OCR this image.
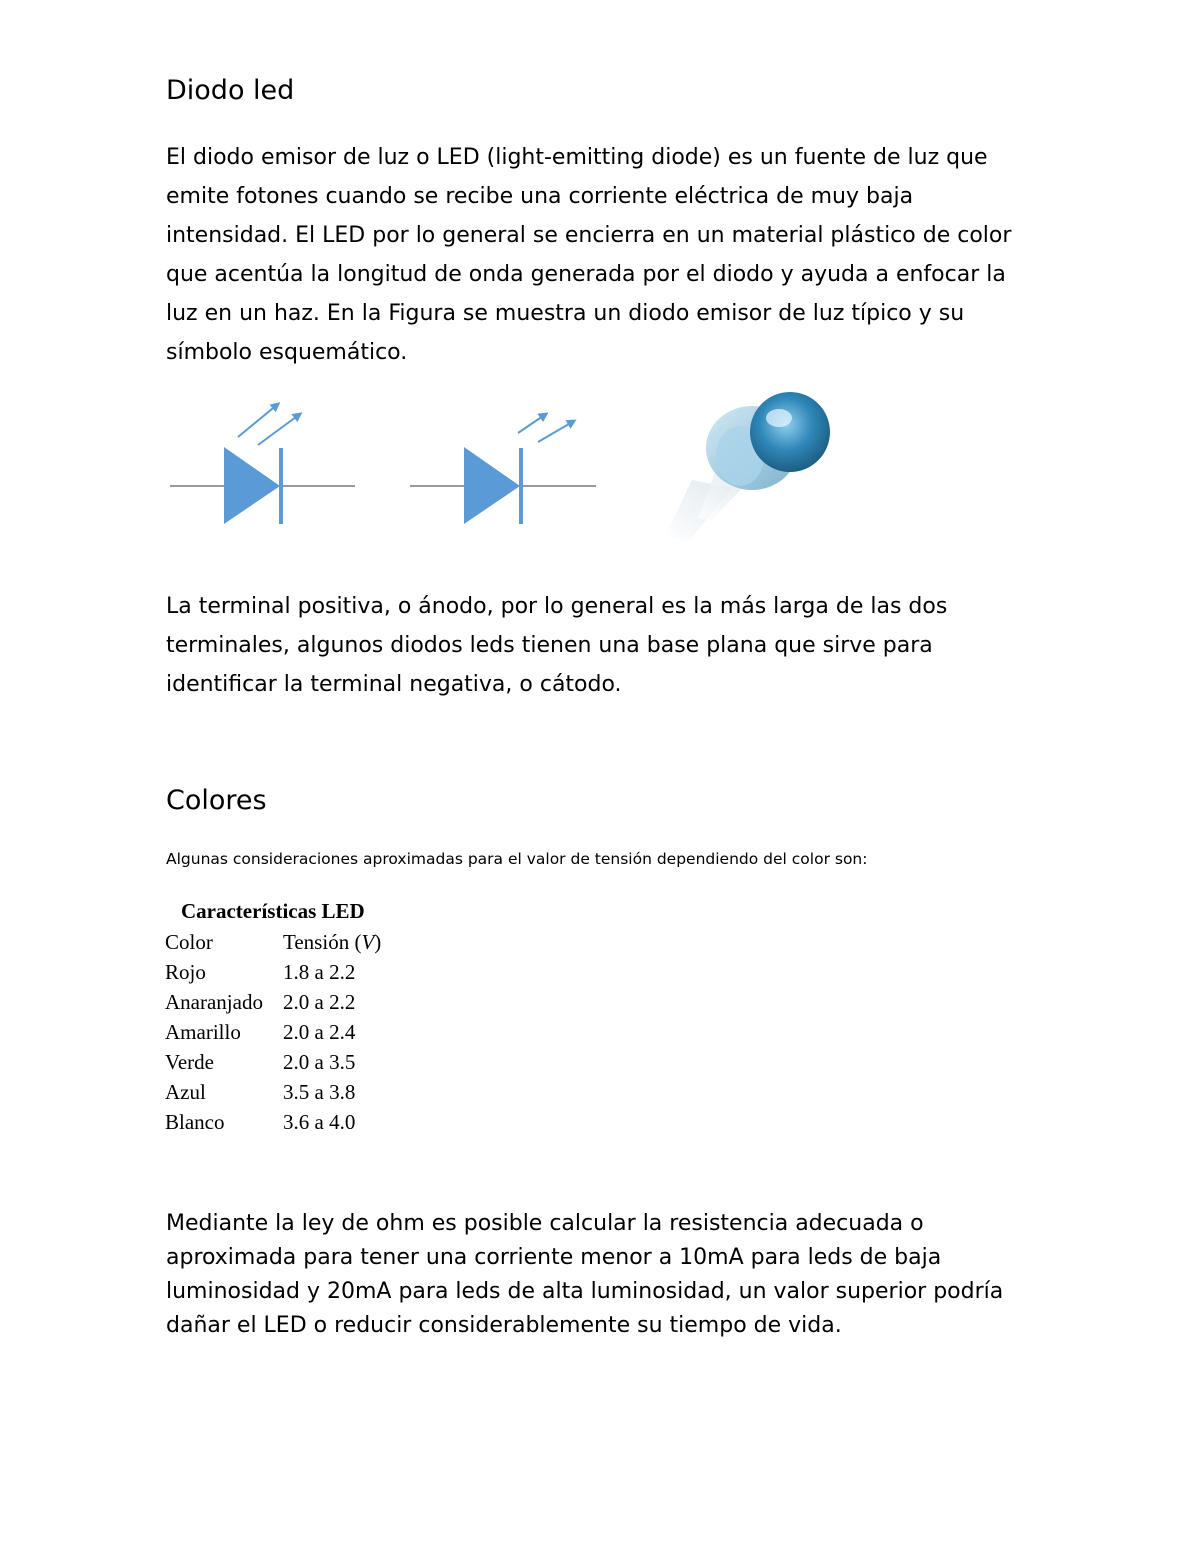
Diodo led
El diodo emisor de luz o LED (light-emitting diode) es un fuente de luz que
emite fotones cuando se recibe una corriente eléctrica de muy baja
intensidad. El LED por lo general se encierra en un material plástico de color
que acentúa la longitud de onda generada por el diodo y ayuda a enfocar la
luz en un haz. En la Figura se muestra un diodo emisor de luz típico y su
símbolo esquemático.
La terminal positiva, o ánodo, por lo general es la más larga de las dos
terminales, algunos diodos leds tienen una base plana que sirve para
identificar la terminal negativa, o cátodo.
Colores

Algunas consideraciones aproximadas para el valor de tensión dependiendo del color son:

Características LED
Color	Tensión (V)
Rojo	1.8 a 2.2
Anaranjado	2.0 a 2.2
Amarillo	2.0 a 2.4
Verde	2.0 a 3.5
Azul	3.5 a 3.8
Blanco	3.6 a 4.0
Mediante la ley de ohm es posible calcular la resistencia adecuada o
aproximada para tener una corriente menor a 10mA para leds de baja
luminosidad y 20mA para leds de alta luminosidad, un valor superior podría
dañar el LED o reducir considerablemente su tiempo de vida.
